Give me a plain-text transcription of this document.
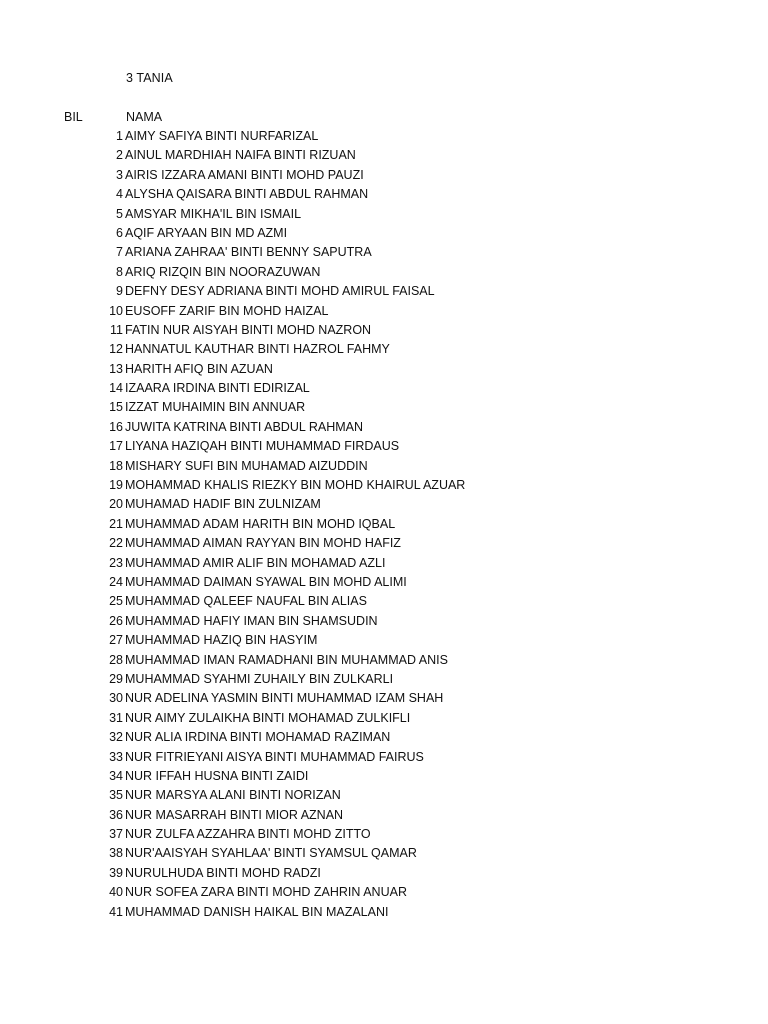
3 TANIA
BIL	NAMA
1 AIMY SAFIYA BINTI NURFARIZAL
2 AINUL MARDHIAH NAIFA BINTI RIZUAN
3 AIRIS IZZARA AMANI BINTI MOHD PAUZI
4 ALYSHA QAISARA BINTI ABDUL RAHMAN
5 AMSYAR MIKHA'IL BIN ISMAIL
6 AQIF ARYAAN BIN MD AZMI
7 ARIANA ZAHRAA' BINTI BENNY SAPUTRA
8 ARIQ RIZQIN BIN NOORAZUWAN
9 DEFNY DESY ADRIANA BINTI MOHD AMIRUL FAISAL
10 EUSOFF ZARIF BIN MOHD HAIZAL
11 FATIN NUR AISYAH BINTI MOHD NAZRON
12 HANNATUL KAUTHAR BINTI HAZROL FAHMY
13 HARITH AFIQ BIN AZUAN
14 IZAARA IRDINA BINTI EDIRIZAL
15 IZZAT MUHAIMIN BIN ANNUAR
16 JUWITA KATRINA BINTI ABDUL RAHMAN
17 LIYANA HAZIQAH BINTI MUHAMMAD FIRDAUS
18 MISHARY SUFI BIN MUHAMAD AIZUDDIN
19 MOHAMMAD KHALIS RIEZKY BIN MOHD KHAIRUL AZUAR
20 MUHAMAD HADIF BIN ZULNIZAM
21 MUHAMMAD ADAM HARITH BIN MOHD IQBAL
22 MUHAMMAD AIMAN RAYYAN BIN MOHD HAFIZ
23 MUHAMMAD AMIR ALIF BIN MOHAMAD AZLI
24 MUHAMMAD DAIMAN SYAWAL BIN MOHD ALIMI
25 MUHAMMAD QALEEF NAUFAL BIN ALIAS
26 MUHAMMAD HAFIY IMAN BIN SHAMSUDIN
27 MUHAMMAD HAZIQ BIN HASYIM
28 MUHAMMAD IMAN RAMADHANI BIN MUHAMMAD ANIS
29 MUHAMMAD SYAHMI ZUHAILY BIN ZULKARLI
30 NUR ADELINA YASMIN BINTI MUHAMMAD IZAM SHAH
31 NUR AIMY ZULAIKHA BINTI MOHAMAD ZULKIFLI
32 NUR ALIA IRDINA BINTI MOHAMAD RAZIMAN
33 NUR FITRIEYANI AISYA BINTI MUHAMMAD FAIRUS
34 NUR IFFAH HUSNA BINTI ZAIDI
35 NUR MARSYA ALANI BINTI NORIZAN
36 NUR MASARRAH BINTI MIOR AZNAN
37 NUR ZULFA AZZAHRA BINTI MOHD ZITTO
38 NUR'AAISYAH SYAHLAA' BINTI SYAMSUL QAMAR
39 NURULHUDA BINTI MOHD RADZI
40 NUR SOFEA ZARA BINTI MOHD ZAHRIN ANUAR
41 MUHAMMAD DANISH HAIKAL BIN MAZALANI
